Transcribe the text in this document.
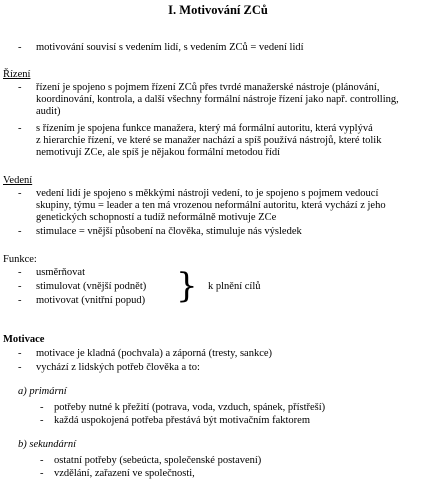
I. Motivování ZCů
- motivování souvisí s vedením lidí, s vedením ZCů = vedení lidí
Řízení
- řízení je spojeno s pojmem řízení ZCů přes tvrdé manažerské nástroje (plánování,
koordinování, kontrola, a další všechny formální nástroje řízení jako např. controlling,
audit)
- s řízením je spojena funkce manažera, který má formální autoritu, která vyplývá
z hierarchie řízení, ve které se manažer nachází a spíš používá nástrojů, které tolik
nemotivují ZCe, ale spíš je nějakou formální metodou řídí
Vedení
- vedení lidí je spojeno s měkkými nástroji vedení, to je spojeno s pojmem vedoucí
skupiny, týmu = leader a ten má vrozenou neformální autoritu, která vychází z jeho
genetických schopností a tudíž neformálně motivuje ZCe
- stimulace = vnější působení na člověka, stimuluje nás výsledek
Funkce:
- usměrňovat
- stimulovat (vnější podnět)
- motivovat (vnitřní popud) } k plnění cílů
Motivace
- motivace je kladná (pochvala) a záporná (tresty, sankce)
- vychází z lidských potřeb člověka a to:
a) primární
- potřeby nutné k přežití (potrava, voda, vzduch, spánek, přístřeší)
- každá uspokojená potřeba přestává být motivačním faktorem
b) sekundární
- ostatní potřeby (sebeúcta, společenské postavení)
- vzdělání, zařazení ve společnosti,
